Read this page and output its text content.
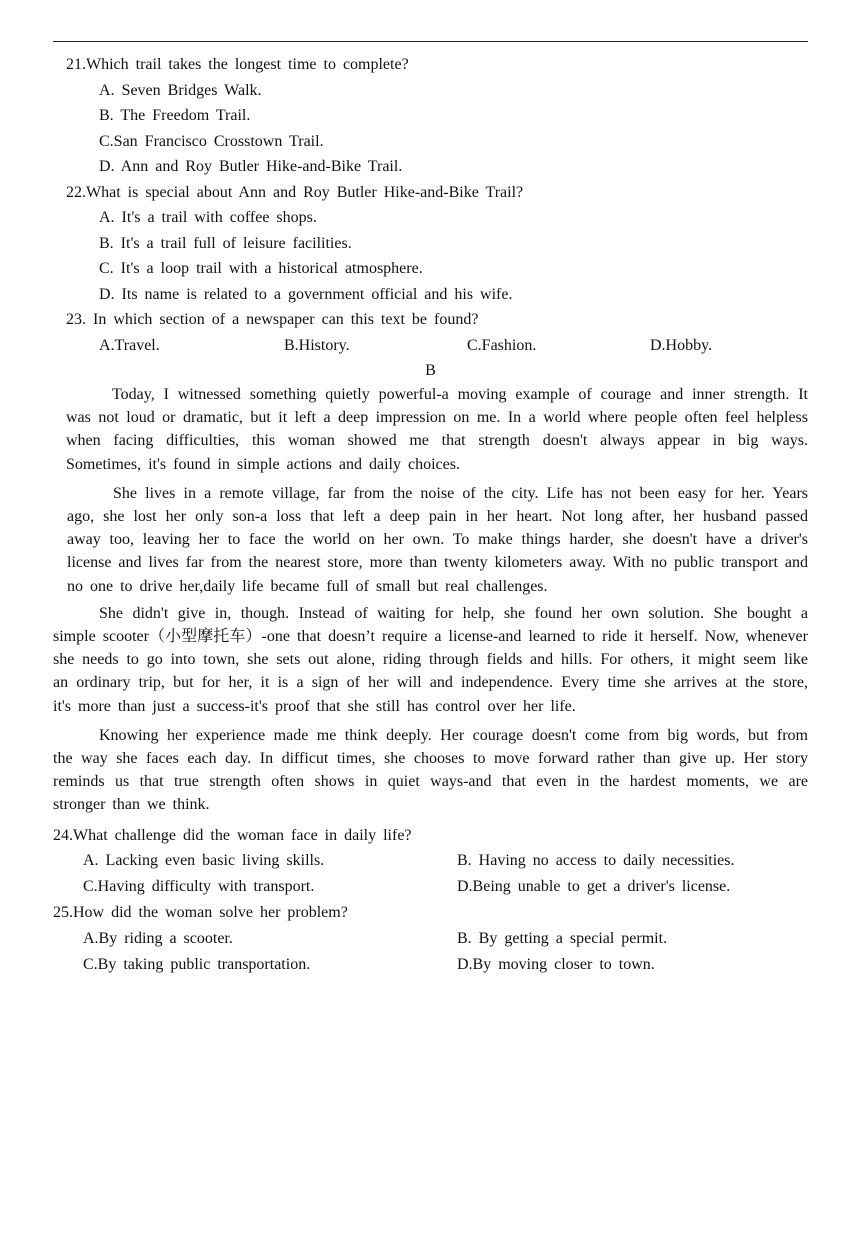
21.Which trail takes the longest time to complete?
A. Seven Bridges Walk.
B. The Freedom Trail.
C.San Francisco Crosstown Trail.
D. Ann and Roy Butler Hike-and-Bike Trail.
22.What is special about Ann and Roy Butler Hike-and-Bike Trail?
A. It's a trail with coffee shops.
B. It's a trail full of leisure facilities.
C. It's a loop trail with a historical atmosphere.
D. Its name is related to a government official and his wife.
23. In which section of a newspaper can this text be found?
A.Travel.	B.History.	C.Fashion.	D.Hobby.
B

Today, I witnessed something quietly powerful-a moving example of courage and inner strength. It was not loud or dramatic, but it left a deep impression on me. In a world where people often feel helpless when facing difficulties, this woman showed me that strength doesn't always appear in big ways. Sometimes, it's found in simple actions and daily choices.

She lives in a remote village, far from the noise of the city. Life has not been easy for her. Years ago, she lost her only son-a loss that left a deep pain in her heart. Not long after, her husband passed away too, leaving her to face the world on her own. To make things harder, she doesn't have a driver's license and lives far from the nearest store, more than twenty kilometers away. With no public transport and no one to drive her,daily life became full of small but real challenges.

She didn't give in, though. Instead of waiting for help, she found her own solution. She bought a simple scooter（小型摩托车）-one that doesn’t require a license-and learned to ride it herself. Now, whenever she needs to go into town, she sets out alone, riding through fields and hills. For others, it might seem like an ordinary trip, but for her, it is a sign of her will and independence. Every time she arrives at the store, it's more than just a success-it's proof that she still has control over her life.

Knowing her experience made me think deeply. Her courage doesn't come from big words, but from the way she faces each day. In difficut times, she chooses to move forward rather than give up. Her story reminds us that true strength often shows in quiet ways-and that even in the hardest moments, we are stronger than we think.

24.What challenge did the woman face in daily life?
A. Lacking even basic living skills.	B. Having no access to daily necessities.
C.Having difficulty with transport.	D.Being unable to get a driver's license.
25.How did the woman solve her problem?
A.By riding a scooter.	B. By getting a special permit.
C.By taking public transportation.	D.By moving closer to town.
